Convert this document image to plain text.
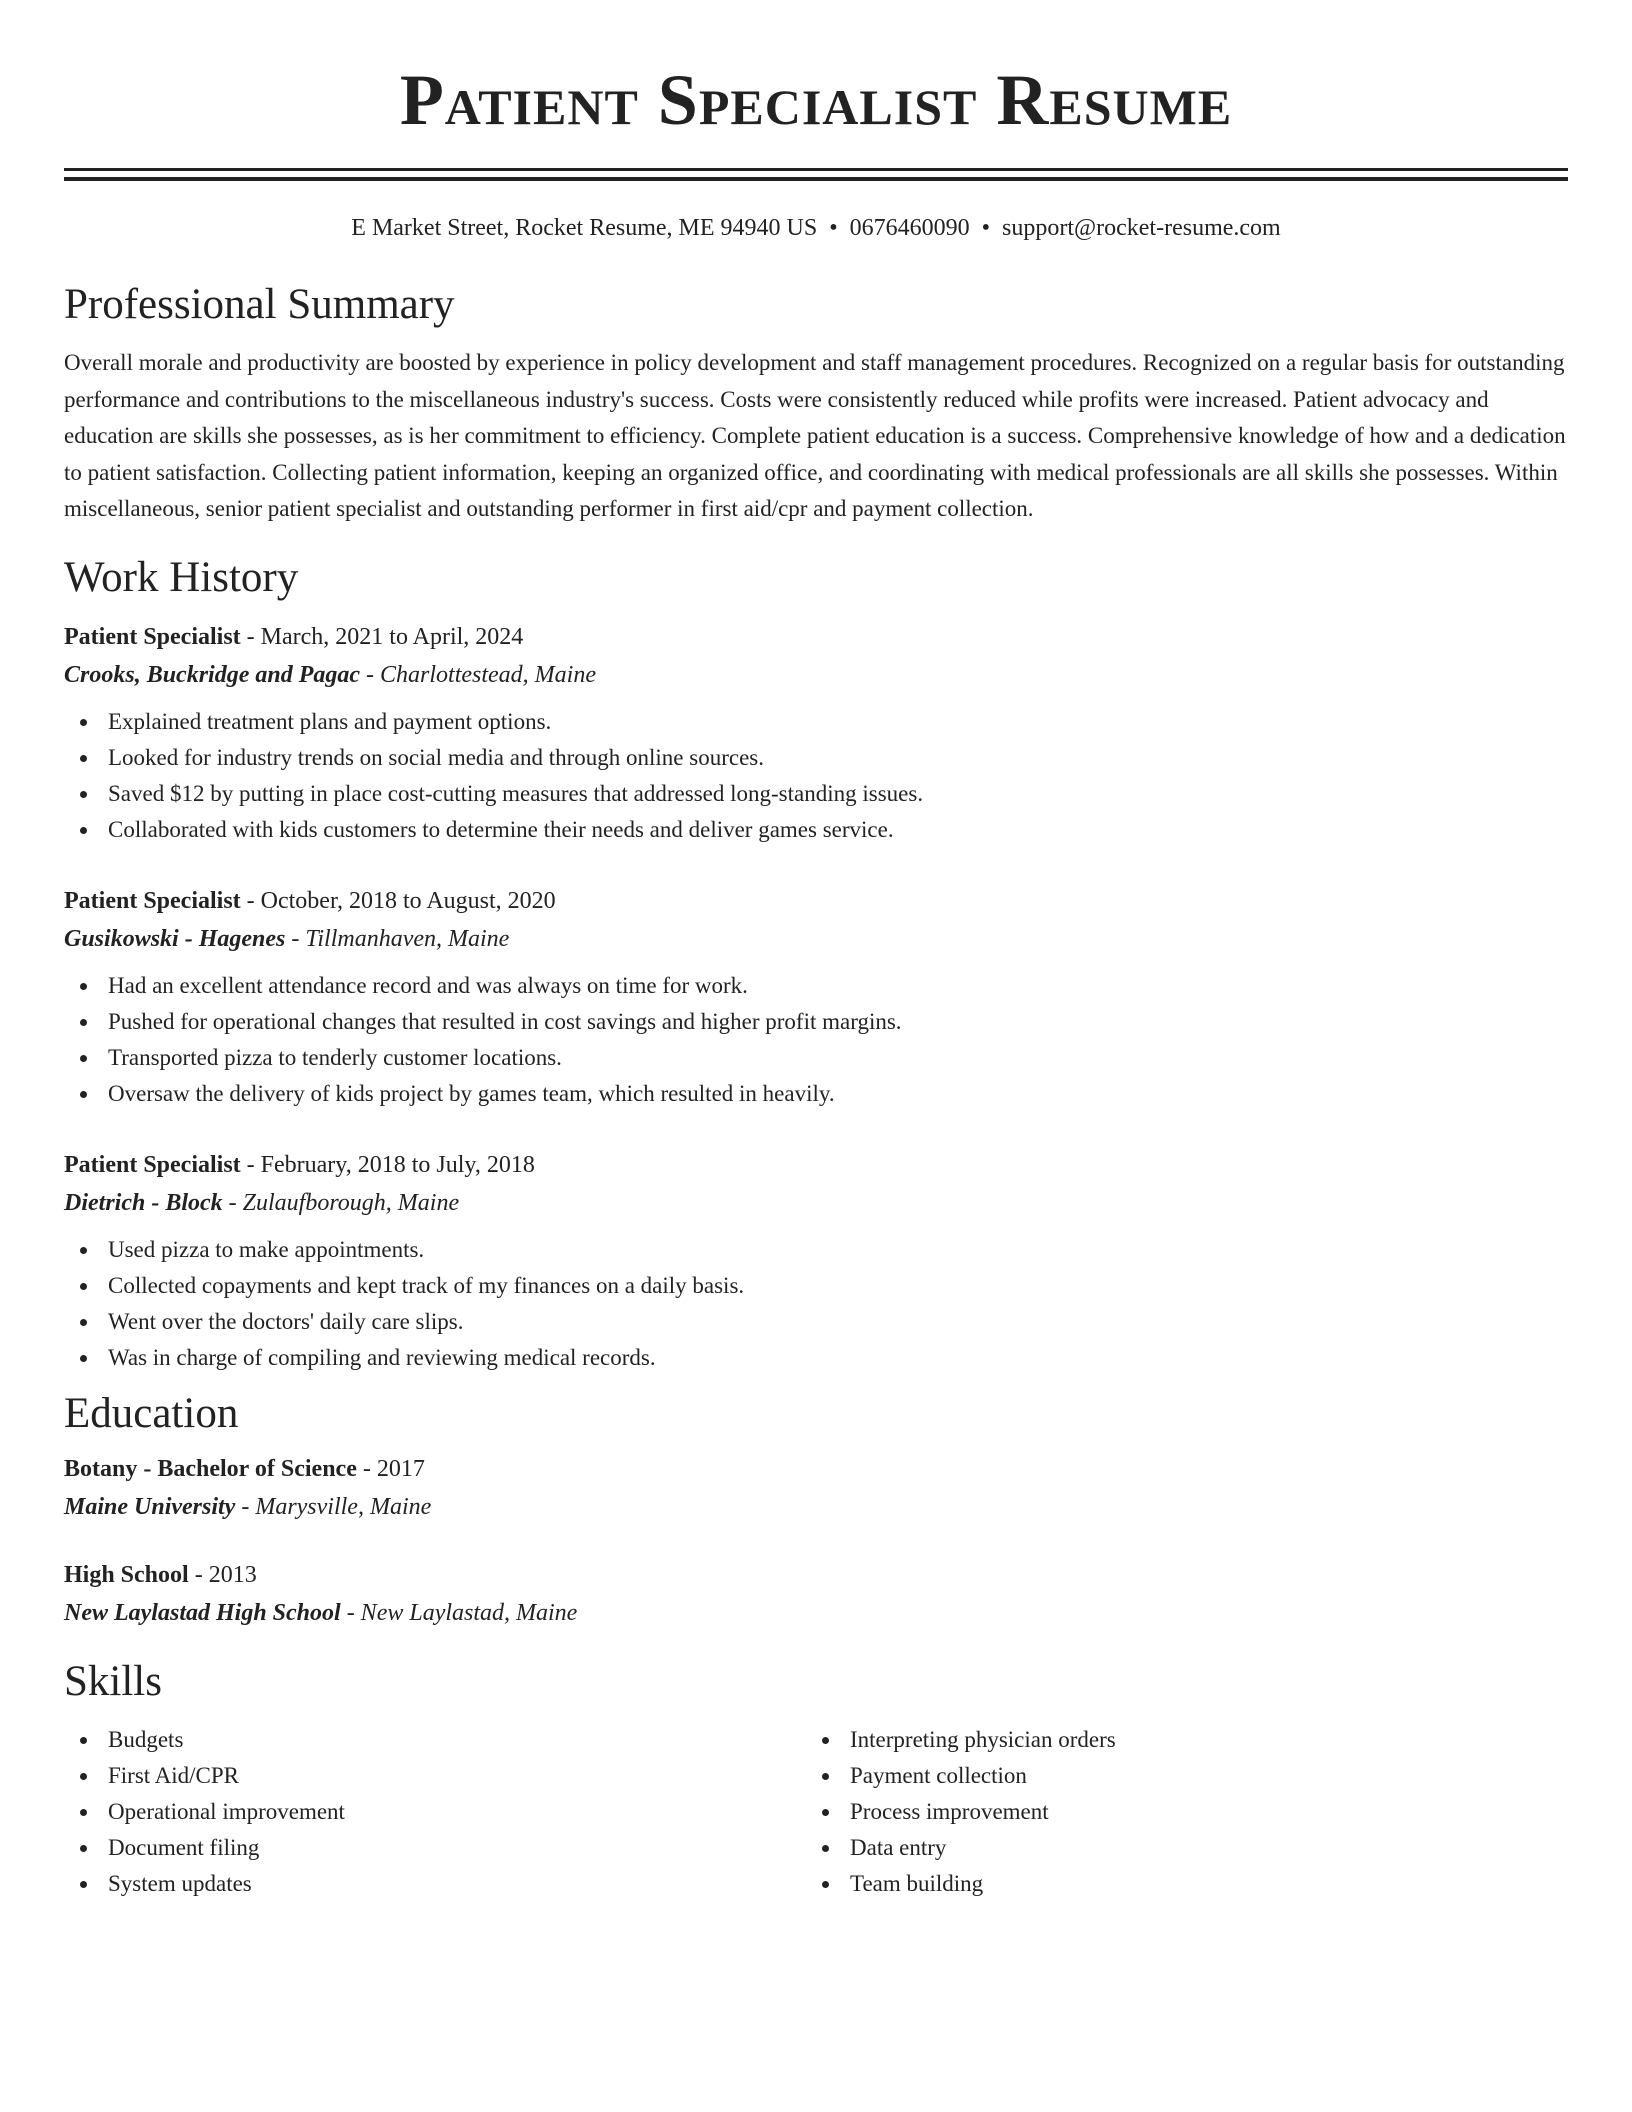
Patient Specialist Resume
E Market Street, Rocket Resume, ME 94940 US • 0676460090 • support@rocket-resume.com
Professional Summary
Overall morale and productivity are boosted by experience in policy development and staff management procedures. Recognized on a regular basis for outstanding performance and contributions to the miscellaneous industry's success. Costs were consistently reduced while profits were increased. Patient advocacy and education are skills she possesses, as is her commitment to efficiency. Complete patient education is a success. Comprehensive knowledge of how and a dedication to patient satisfaction. Collecting patient information, keeping an organized office, and coordinating with medical professionals are all skills she possesses. Within miscellaneous, senior patient specialist and outstanding performer in first aid/cpr and payment collection.
Work History
Patient Specialist - March, 2021 to April, 2024
Crooks, Buckridge and Pagac - Charlottestead, Maine
Explained treatment plans and payment options.
Looked for industry trends on social media and through online sources.
Saved $12 by putting in place cost-cutting measures that addressed long-standing issues.
Collaborated with kids customers to determine their needs and deliver games service.
Patient Specialist - October, 2018 to August, 2020
Gusikowski - Hagenes - Tillmanhaven, Maine
Had an excellent attendance record and was always on time for work.
Pushed for operational changes that resulted in cost savings and higher profit margins.
Transported pizza to tenderly customer locations.
Oversaw the delivery of kids project by games team, which resulted in heavily.
Patient Specialist - February, 2018 to July, 2018
Dietrich - Block - Zulaufborough, Maine
Used pizza to make appointments.
Collected copayments and kept track of my finances on a daily basis.
Went over the doctors' daily care slips.
Was in charge of compiling and reviewing medical records.
Education
Botany - Bachelor of Science - 2017
Maine University - Marysville, Maine
High School - 2013
New Laylastad High School - New Laylastad, Maine
Skills
Budgets
First Aid/CPR
Operational improvement
Document filing
System updates
Interpreting physician orders
Payment collection
Process improvement
Data entry
Team building
